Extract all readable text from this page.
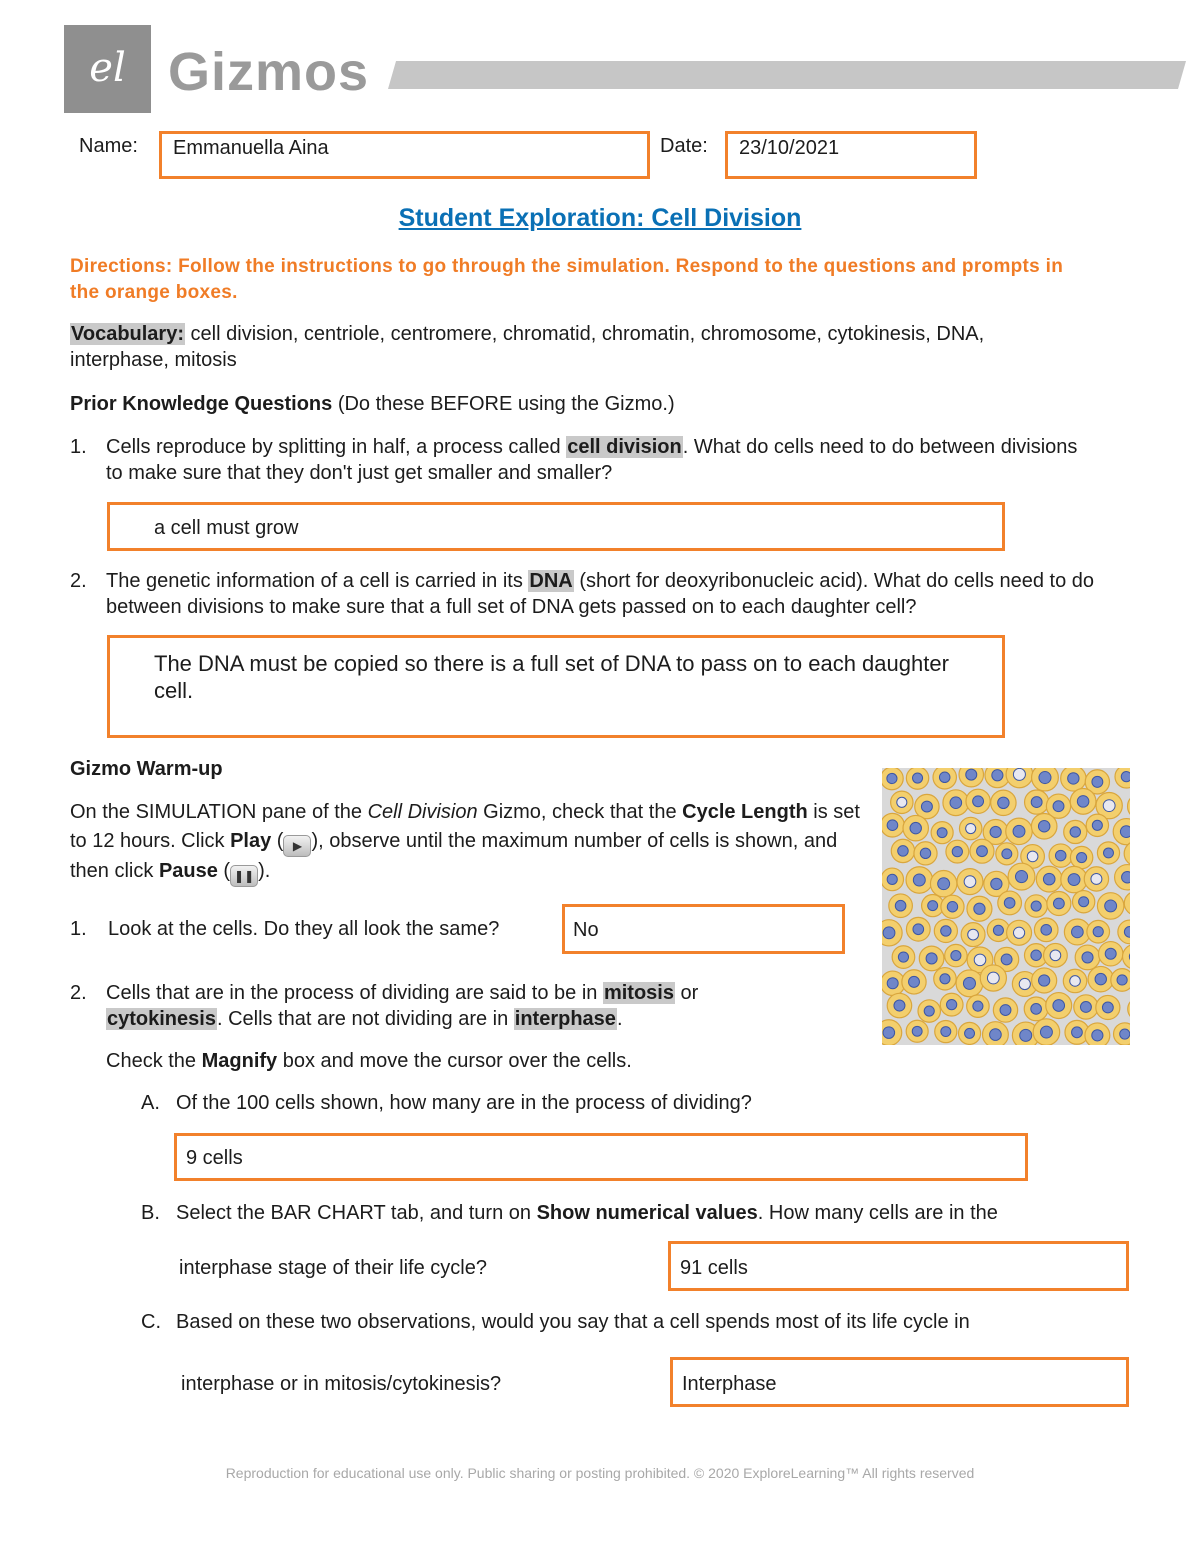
el Gizmos
Name: Emmanuella Aina	Date: 23/10/2021
Student Exploration: Cell Division
Directions: Follow the instructions to go through the simulation. Respond to the questions and prompts in the orange boxes.
Vocabulary: cell division, centriole, centromere, chromatid, chromatin, chromosome, cytokinesis, DNA, interphase, mitosis
Prior Knowledge Questions (Do these BEFORE using the Gizmo.)
1. Cells reproduce by splitting in half, a process called cell division. What do cells need to do between divisions to make sure that they don't just get smaller and smaller?
a cell must grow
2. The genetic information of a cell is carried in its DNA (short for deoxyribonucleic acid). What do cells need to do between divisions to make sure that a full set of DNA gets passed on to each daughter cell?
The DNA must be copied so there is a full set of DNA to pass on to each daughter cell.
Gizmo Warm-up
On the SIMULATION pane of the Cell Division Gizmo, check that the Cycle Length is set to 12 hours. Click Play ( ▶ ), observe until the maximum number of cells is shown, and then click Pause ( ❚❚ ).
1. Look at the cells. Do they all look the same?	No
2. Cells that are in the process of dividing are said to be in mitosis or cytokinesis. Cells that are not dividing are in interphase.
Check the Magnify box and move the cursor over the cells.
A. Of the 100 cells shown, how many are in the process of dividing?
9 cells
B. Select the BAR CHART tab, and turn on Show numerical values. How many cells are in the
interphase stage of their life cycle?	91 cells
C. Based on these two observations, would you say that a cell spends most of its life cycle in
interphase or in mitosis/cytokinesis?	Interphase
Reproduction for educational use only. Public sharing or posting prohibited. © 2020 ExploreLearning™ All rights reserved
